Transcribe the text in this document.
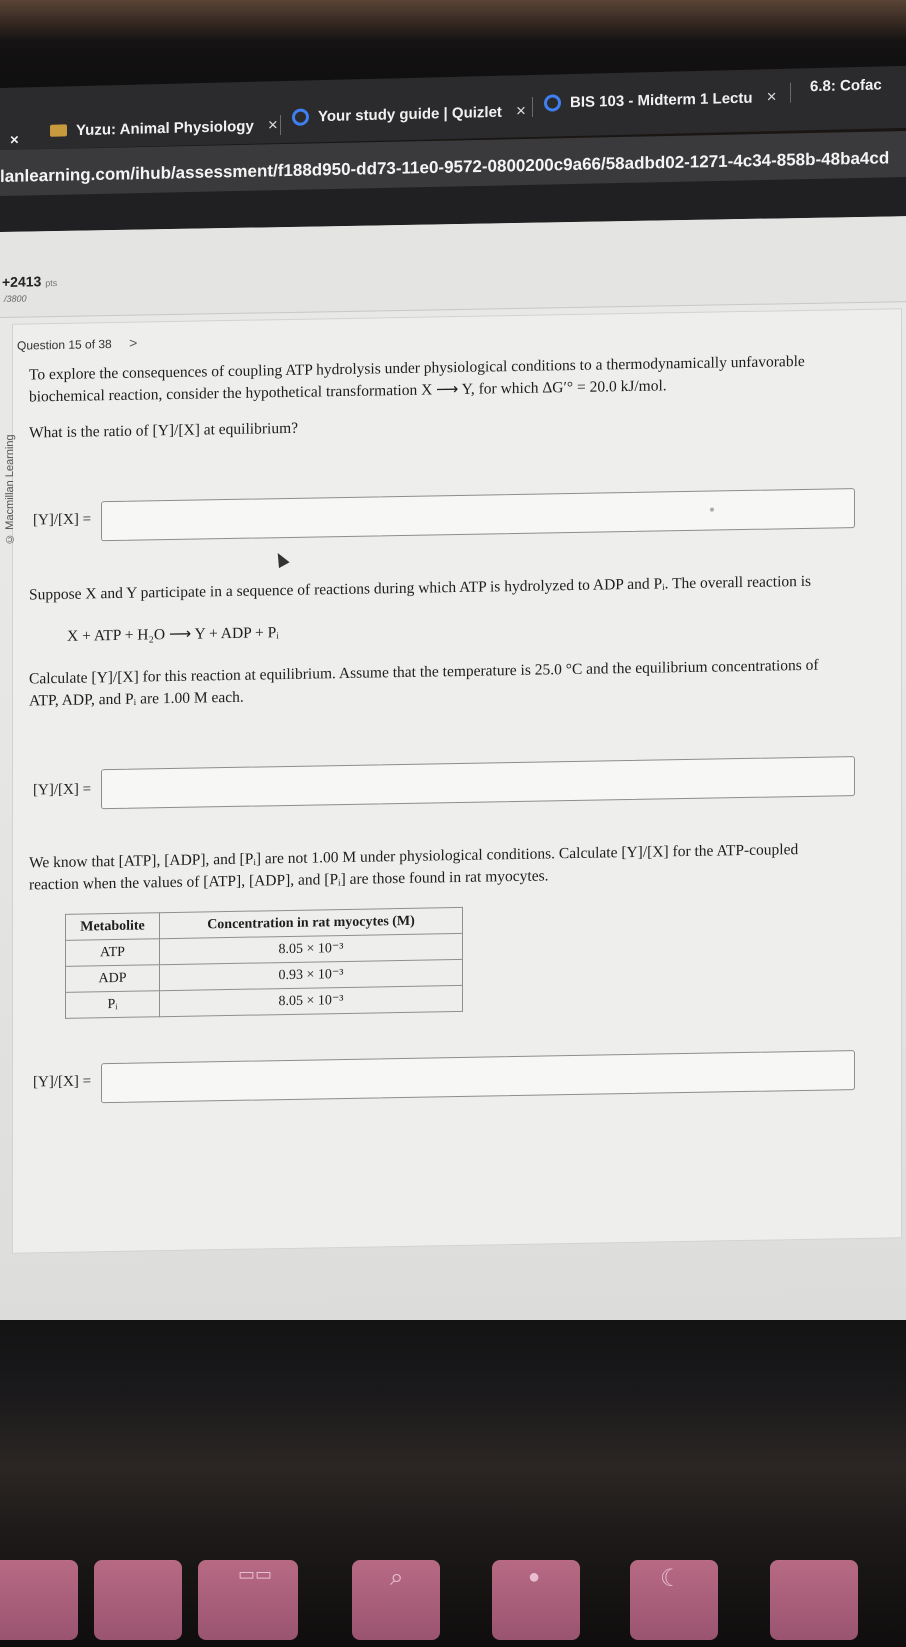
×
Yuzu: Animal Physiology ×
Your study guide | Quizlet ×
BIS 103 - Midterm 1 Lectu ×
6.8: Cofac
lanlearning.com/ihub/assessment/f188d950-dd73-11e0-9572-0800200c9a66/58adbd02-1271-4c34-858b-48ba4cd
+2413 pts
/3800
Question 15 of 38 >
© Macmillan Learning
To explore the consequences of coupling ATP hydrolysis under physiological conditions to a thermodynamically unfavorable
biochemical reaction, consider the hypothetical transformation X ⟶ Y, for which ΔG′° = 20.0 kJ/mol.
What is the ratio of [Y]/[X] at equilibrium?
[Y]/[X] =
Suppose X and Y participate in a sequence of reactions during which ATP is hydrolyzed to ADP and Pᵢ. The overall reaction is
X + ATP + H₂O ⟶ Y + ADP + Pᵢ
Calculate [Y]/[X] for this reaction at equilibrium. Assume that the temperature is 25.0 °C and the equilibrium concentrations of
ATP, ADP, and Pᵢ are 1.00 M each.
[Y]/[X] =
We know that [ATP], [ADP], and [Pᵢ] are not 1.00 M under physiological conditions. Calculate [Y]/[X] for the ATP-coupled
reaction when the values of [ATP], [ADP], and [Pᵢ] are those found in rat myocytes.
Metabolite	Concentration in rat myocytes (M)
ATP	8.05 × 10⁻³
ADP	0.93 × 10⁻³
Pᵢ	8.05 × 10⁻³
[Y]/[X] =
▭▭	⌕	●	☾
